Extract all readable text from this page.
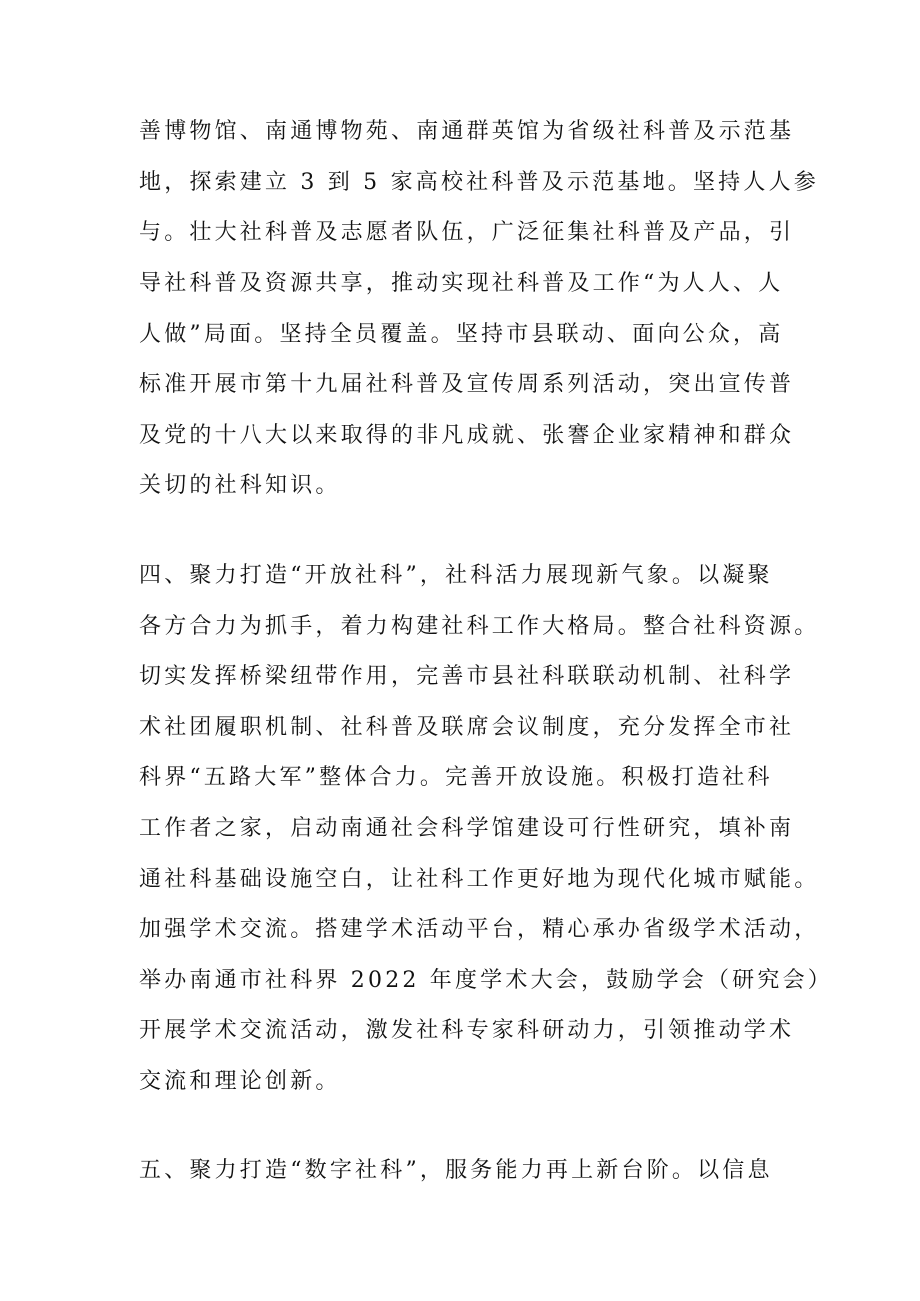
善博物馆、南通博物苑、南通群英馆为省级社科普及示范基
地，探索建立 3 到 5 家高校社科普及示范基地。坚持人人参
与。壮大社科普及志愿者队伍，广泛征集社科普及产品，引
导社科普及资源共享，推动实现社科普及工作“为人人、人
人做”局面。坚持全员覆盖。坚持市县联动、面向公众，高
标准开展市第十九届社科普及宣传周系列活动，突出宣传普
及党的十八大以来取得的非凡成就、张謇企业家精神和群众
关切的社科知识。
四、聚力打造“开放社科”，社科活力展现新气象。以凝聚
各方合力为抓手，着力构建社科工作大格局。整合社科资源。
切实发挥桥梁纽带作用，完善市县社科联联动机制、社科学
术社团履职机制、社科普及联席会议制度，充分发挥全市社
科界“五路大军”整体合力。完善开放设施。积极打造社科
工作者之家，启动南通社会科学馆建设可行性研究，填补南
通社科基础设施空白，让社科工作更好地为现代化城市赋能。
加强学术交流。搭建学术活动平台，精心承办省级学术活动，
举办南通市社科界 2022 年度学术大会，鼓励学会（研究会）
开展学术交流活动，激发社科专家科研动力，引领推动学术
交流和理论创新。
五、聚力打造“数字社科”，服务能力再上新台阶。以信息
